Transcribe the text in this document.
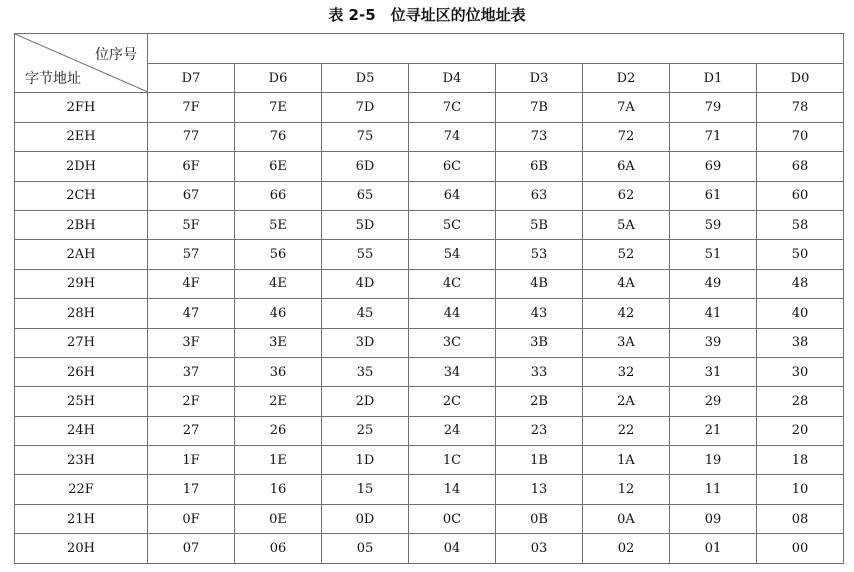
表 2-5　位寻址区的位地址表
位序号
字节地址								

	D7	D6	D5	D4	D3	D2	D1	D0
2FH	7F	7E	7D	7C	7B	7A	79	78
2EH	77	76	75	74	73	72	71	70
2DH	6F	6E	6D	6C	6B	6A	69	68
2CH	67	66	65	64	63	62	61	60
2BH	5F	5E	5D	5C	5B	5A	59	58
2AH	57	56	55	54	53	52	51	50
29H	4F	4E	4D	4C	4B	4A	49	48
28H	47	46	45	44	43	42	41	40
27H	3F	3E	3D	3C	3B	3A	39	38
26H	37	36	35	34	33	32	31	30
25H	2F	2E	2D	2C	2B	2A	29	28
24H	27	26	25	24	23	22	21	20
23H	1F	1E	1D	1C	1B	1A	19	18
22F	17	16	15	14	13	12	11	10
21H	0F	0E	0D	0C	0B	0A	09	08
20H	07	06	05	04	03	02	01	00
